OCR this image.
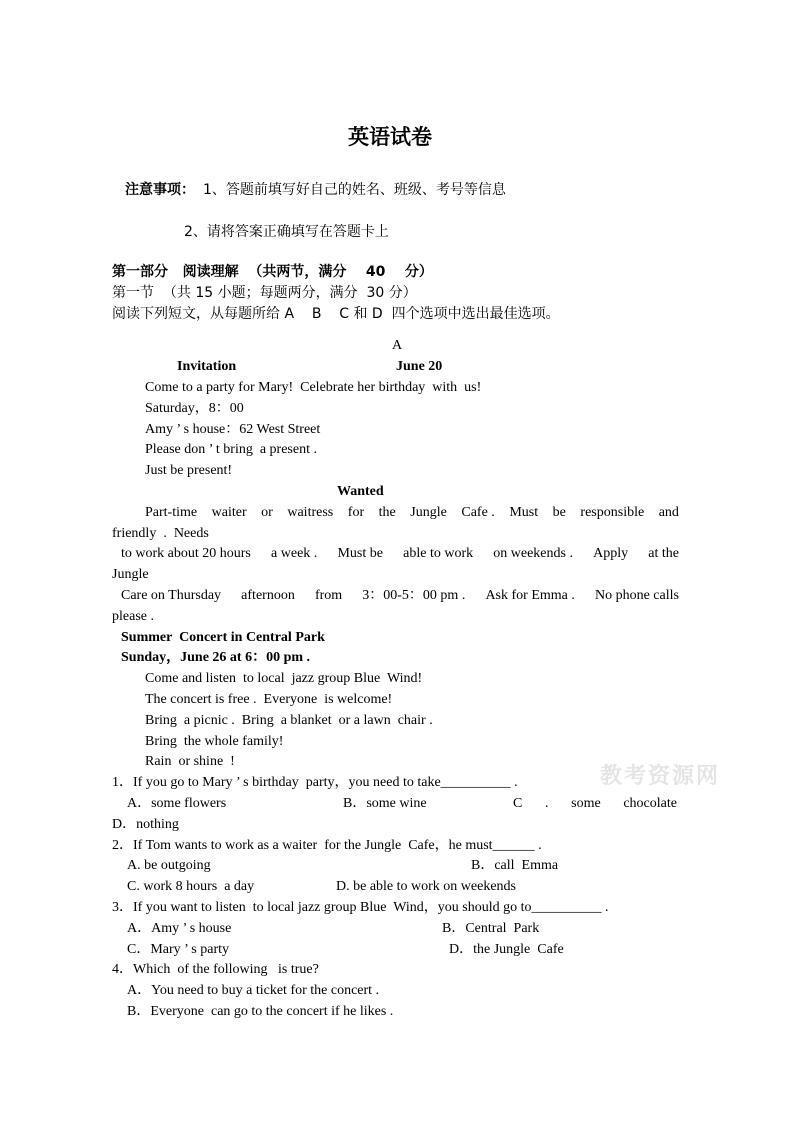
英语试卷
注意事项： 1、答题前填写好自己的姓名、班级、考号等信息
2、请将答案正确填写在答题卡上
第一部分   阅读理解  （共两节，满分    40    分）
第一节  （共 15 小题；每题两分，满分  30 分）
阅读下列短文，从每题所给 A    B    C 和 D  四个选项中选出最佳选项。
A
Invitation	June 20
Come to a party for Mary!  Celebrate her birthday  with  us!
Saturday，8：00
Amy ’ s house：62 West Street
Please don ’ t bring  a present .
Just be present!
Wanted
Part-time waiter or waitress for the Jungle Cafe . Must be responsible and
friendly  .  Needs
to work about 20 hours a week . Must be able to work on weekends . Apply at the
Jungle
Care on Thursday afternoon from 3：00-5：00 pm . Ask for Emma . No phone calls
please .
Summer  Concert in Central Park
Sunday，June 26 at 6：00 pm .
Come and listen  to local  jazz group Blue  Wind!
The concert is free .  Everyone  is welcome!
Bring  a picnic .  Bring  a blanket  or a lawn  chair .
Bring  the whole family!
Rain  or shine  !
教考资源网
1．If you go to Mary ’ s birthday  party，you need to take__________ .
A．some flowers	B．some wine	C . some chocolate
D．nothing
2．If Tom wants to work as a waiter  for the Jungle  Cafe，he must______ .
A. be outgoing	B．call  Emma
C. work 8 hours  a day	D. be able to work on weekends
3．If you want to listen  to local jazz group Blue  Wind，you should go to__________ .
A．Amy ’ s house	B．Central  Park
C．Mary ’ s party	D．the Jungle  Cafe
4．Which  of the following   is true?
A．You need to buy a ticket for the concert .
B．Everyone  can go to the concert if he likes .
